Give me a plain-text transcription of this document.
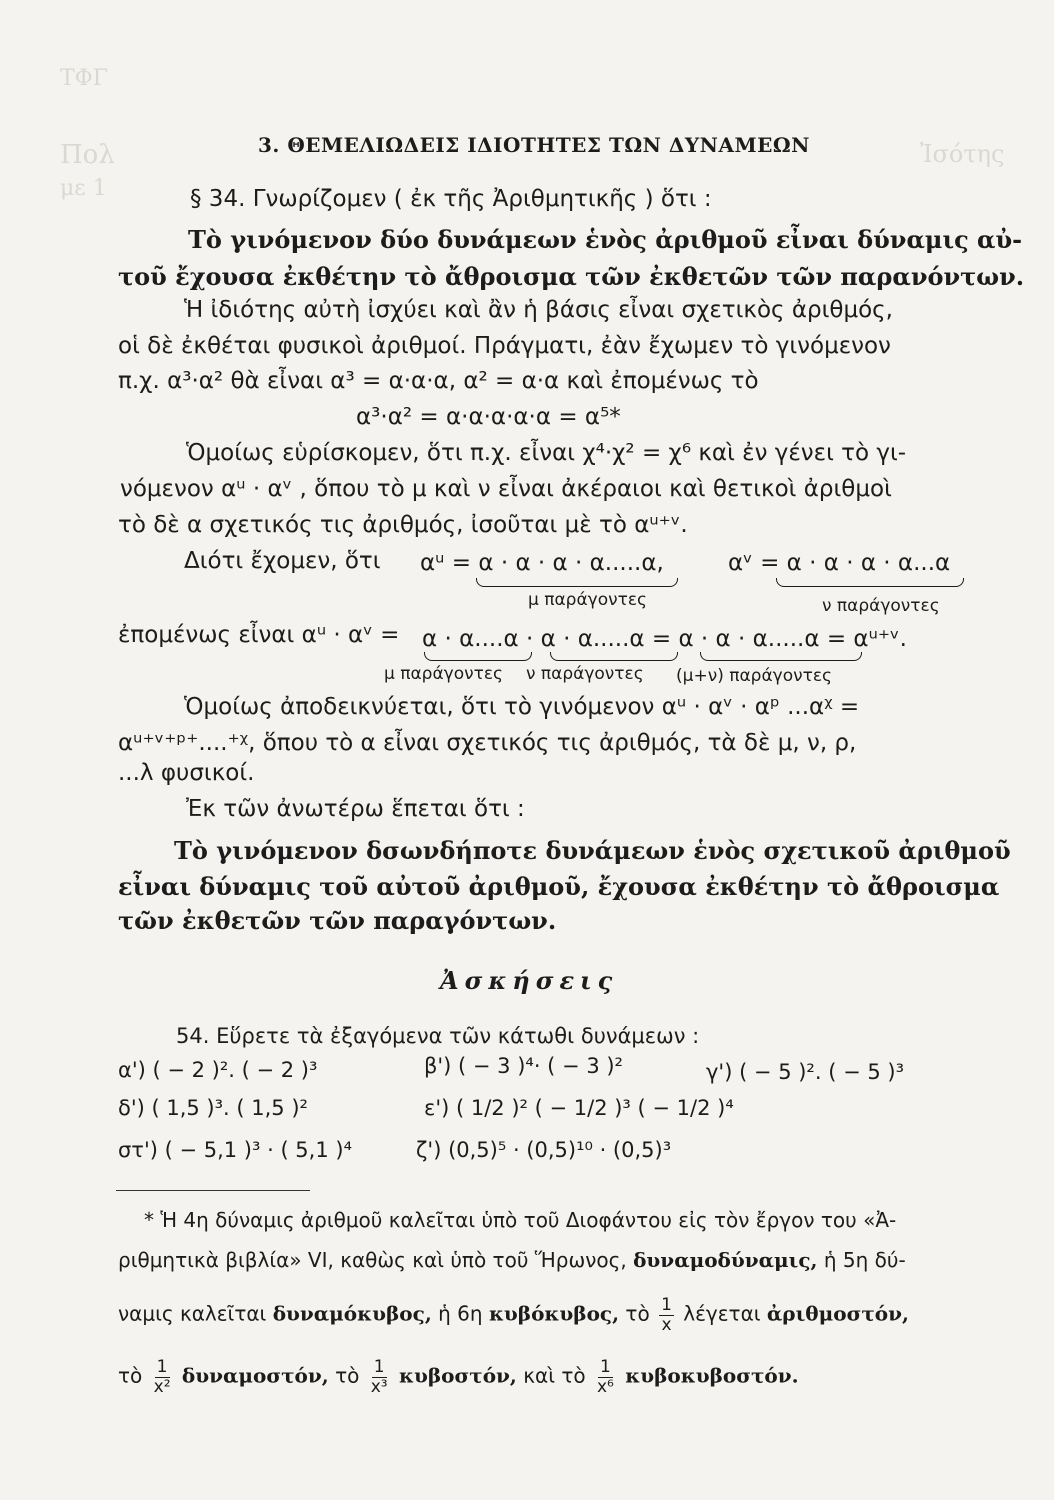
ΤΦΓ
Πολ
με 1
Ἰσότης
3. ΘΕΜΕΛΙΩΔΕΙΣ ΙΔΙΟΤΗΤΕΣ ΤΩΝ ΔΥΝΑΜΕΩΝ
§ 34. Γνωρίζομεν ( ἐκ τῆς Ἀριθμητικῆς ) ὅτι :
Τὸ γινόμενον δύο δυνάμεων ἑνὸς ἀριθμοῦ εἶναι δύναμις αὐ-
τοῦ ἔχουσα ἐκθέτην τὸ ἄθροισμα τῶν ἐκθετῶν τῶν παρανόντων.
Ἡ ἰδιότης αὐτὴ ἰσχύει καὶ ἂν ἡ βάσις εἶναι σχετικὸς ἀριθμός,
οἱ δὲ ἐκθέται φυσικοὶ ἀριθμοί. Πράγματι, ἐὰν ἔχωμεν τὸ γινόμενον
π.χ. α³·α² θὰ εἶναι α³ = α·α·α, α² = α·α καὶ ἐπομένως τὸ
α³·α² = α·α·α·α·α = α⁵*
Ὁμοίως εὑρίσκομεν, ὅτι π.χ. εἶναι χ⁴·χ² = χ⁶ καὶ ἐν γένει τὸ γι-
νόμενον αᵘ · αᵛ , ὅπου τὸ μ καὶ ν εἶναι ἀκέραιοι καὶ θετικοὶ ἀριθμοὶ
τὸ δὲ α σχετικός τις ἀριθμός, ἰσοῦται μὲ τὸ αᵘ⁺ᵛ.
Διότι ἔχομεν, ὅτι αᵘ = α · α · α · α.....α,	αᵛ = α · α · α · α...α
μ παράγοντες	ν παράγοντες
ἐπομένως εἶναι αᵘ · αᵛ = α · α....α · α · α.....α = α · α · α.....α = αᵘ⁺ᵛ.
μ παράγοντες ν παράγοντες (μ+ν) παράγοντες
Ὁμοίως ἀποδεικνύεται, ὅτι τὸ γινόμενον αᵘ · αᵛ · αᵖ ...αᵡ =
αᵘ⁺ᵛ⁺ᵖ⁺....⁺ᵡ, ὅπου τὸ α εἶναι σχετικός τις ἀριθμός, τὰ δὲ μ, ν, ρ,
...λ φυσικοί.
Ἐκ τῶν ἀνωτέρω ἕπεται ὅτι :
Τὸ γινόμενον δσωνδήποτε δυνάμεων ἑνὸς σχετικοῦ ἀριθμοῦ
εἶναι δύναμις τοῦ αὐτοῦ ἀριθμοῦ, ἔχουσα ἐκθέτην τὸ ἄθροισμα
τῶν ἐκθετῶν τῶν παραγόντων.
Ἀσκήσεις
54. Εὕρετε τὰ ἐξαγόμενα τῶν κάτωθι δυνάμεων :
α') ( − 2 )². ( − 2 )³	β') ( − 3 )⁴· ( − 3 )²	γ') ( − 5 )². ( − 5 )³
δ') ( 1,5 )³. ( 1,5 )²	ε') ( 1/2 )² ( − 1/2 )³ ( − 1/2 )⁴
στ') ( − 5,1 )³ · ( 5,1 )⁴	ζ') (0,5)⁵ · (0,5)¹⁰ · (0,5)³
* Ἡ 4η δύναμις ἀριθμοῦ καλεῖται ὑπὸ τοῦ Διοφάντου εἰς τὸν ἔργον του «Ἀ-
ριθμητικὰ βιβλία» VI, καθὼς καὶ ὑπὸ τοῦ Ἥρωνος, δυναμοδύναμις, ἡ 5η δύ-
ναμις καλεῖται δυναμόκυβος, ἡ 6η κυβόκυβος, τὸ $\frac{1}{x}$ λέγεται ἀριθμοστόν,
τὸ $\frac{1}{\text{x²}} \delta\upsilon\nu\alpha\mu o\sigma\tau ό\nu$, τὸ $\frac{1}{\text{x³}} \kappa\upsilon\beta o\sigma\tau ό\nu$, καὶ τὸ $\frac{1}{\text{x⁶}} \kappa\upsilon\beta o\kappa\upsilon\beta o\sigma\tau ό\nu$.
